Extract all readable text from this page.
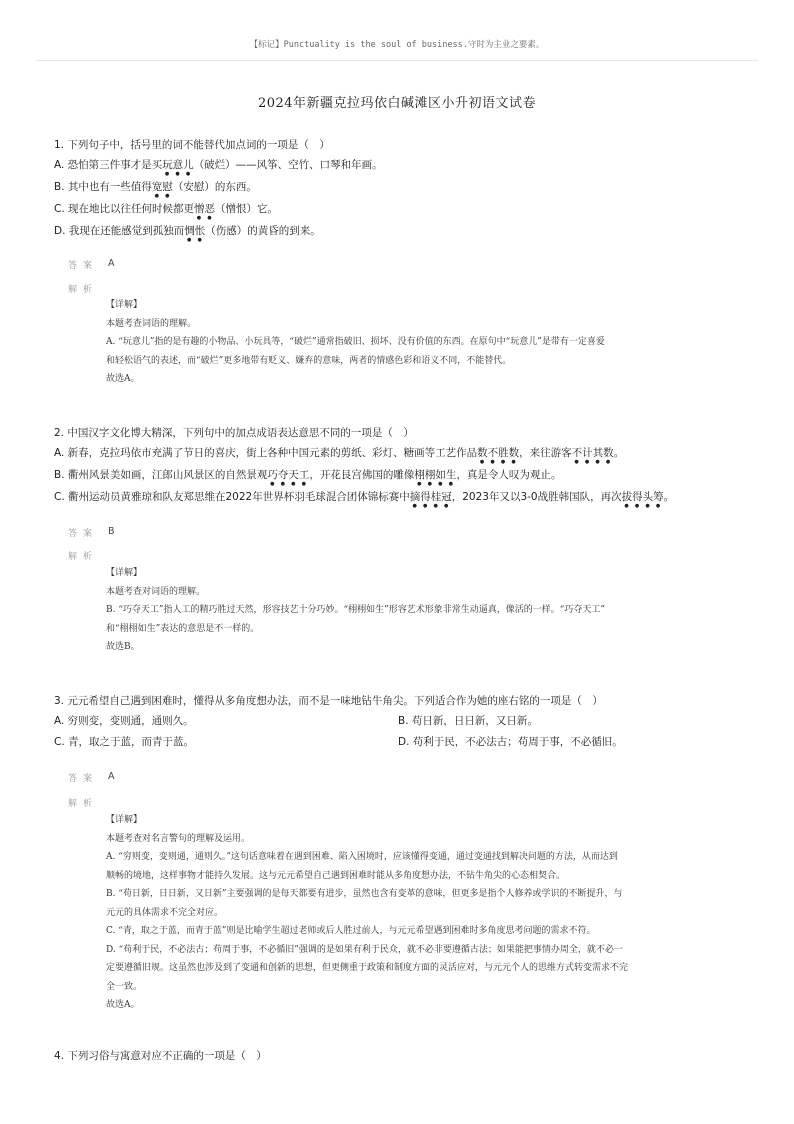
【标记】Punctuality is the soul of business.守时为主业之要素。
2024年新疆克拉玛依白碱滩区小升初语文试卷
1. 下列句子中，括号里的词不能替代加点词的一项是（　）
A. 恐怕第三件事才是买玩意儿（破烂）——风筝、空竹、口琴和年画。
B. 其中也有一些值得宽慰（安慰）的东西。
C. 现在地比以往任何时候都更憎恶（憎恨）它。
D. 我现在还能感觉到孤独而惆怅（伤感）的黄昏的到来。
答案	A
解析

【详解】

本题考查词语的理解。

A. “玩意儿”指的是有趣的小物品、小玩具等，“破烂”通常指破旧、损坏、没有价值的东西。在原句中“玩意儿”是带有一定喜爱

和轻松语气的表述，而“破烂”更多地带有贬义、嫌弃的意味，两者的情感色彩和语义不同，不能替代。

故选A。

2. 中国汉字文化博大精深，下列句中的加点成语表达意思不同的一项是（　）
A. 新春，克拉玛依市充满了节日的喜庆，街上各种中国元素的剪纸、彩灯、糖画等工艺作品数不胜数，来往游客不计其数。
B. 衢州风景美如画，江郎山风景区的自然景观巧夺天工，开花艮宫佛国的雕像栩栩如生，真是令人叹为观止。
C. 衢州运动员黄雅琼和队友郑思维在2022年世界杯羽毛球混合团体锦标赛中摘得桂冠，2023年又以3-0战胜韩国队，再次拔得头筹。
答案	B
解析

【详解】

本题考查对词语的理解。

B. “巧夺天工”指人工的精巧胜过天然，形容技艺十分巧妙。“栩栩如生”形容艺术形象非常生动逼真，像活的一样。“巧夺天工”

和“栩栩如生”表达的意思是不一样的。

故选B。

3. 元元希望自己遇到困难时，懂得从多角度想办法，而不是一味地钻牛角尖。下列适合作为她的座右铭的一项是（　）
A. 穷则变，变则通，通则久。	B. 苟日新，日日新，又日新。
C. 青，取之于蓝，而青于蓝。	D. 苟利于民，不必法古；苟周于事，不必循旧。
答案	A
解析

【详解】

本题考查对名言警句的理解及运用。

A. “穷则变，变则通，通则久。”这句话意味着在遇到困难、陷入困境时，应该懂得变通，通过变通找到解决问题的方法，从而达到

顺畅的境地，这样事物才能持久发展。这与元元希望自己遇到困难时能从多角度想办法，不钻牛角尖的心态相契合。

B. “苟日新，日日新，又日新”主要强调的是每天都要有进步，虽然也含有变革的意味，但更多是指个人修养或学识的不断提升，与

元元的具体需求不完全对应。

C. “青，取之于蓝，而青于蓝”则是比喻学生超过老师或后人胜过前人，与元元希望遇到困难时多角度思考问题的需求不符。

D. “苟利于民，不必法古；苟周于事，不必循旧”强调的是如果有利于民众，就不必非要遵循古法；如果能把事情办周全，就不必一

定要遵循旧规。这虽然也涉及到了变通和创新的思想，但更侧重于政策和制度方面的灵活应对，与元元个人的思维方式转变需求不完

全一致。

故选A。

4. 下列习俗与寓意对应不正确的一项是（　）
